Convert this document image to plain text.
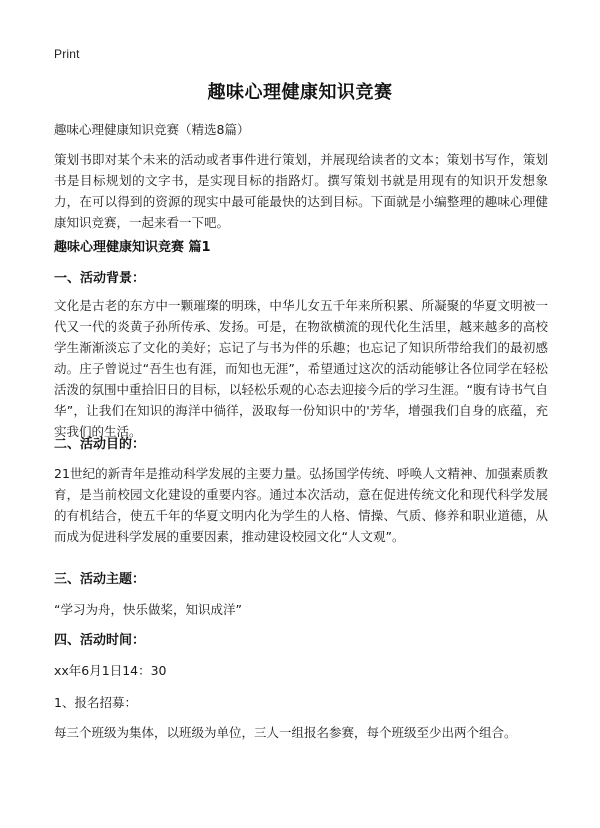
Print
趣味心理健康知识竞赛
趣味心理健康知识竞赛（精选8篇）

策划书即对某个未来的活动或者事件进行策划，并展现给读者的文本；策划书写作，策划书是目标规划的文字书，是实现目标的指路灯。撰写策划书就是用现有的知识开发想象力，在可以得到的资源的现实中最可能最快的达到目标。下面就是小编整理的趣味心理健康知识竞赛，一起来看一下吧。

趣味心理健康知识竞赛 篇1
一、活动背景：

文化是古老的东方中一颗璀璨的明珠，中华儿女五千年来所积累、所凝聚的华夏文明被一代又一代的炎黄子孙所传承、发扬。可是，在物欲横流的现代化生活里，越来越多的高校学生渐渐淡忘了文化的美好；忘记了与书为伴的乐趣；也忘记了知识所带给我们的最初感动。庄子曾说过“吾生也有涯，而知也无涯”，希望通过这次的活动能够让各位同学在轻松活泼的氛围中重拾旧日的目标，以轻松乐观的心态去迎接今后的学习生涯。“腹有诗书气自华”，让我们在知识的海洋中徜徉，汲取每一份知识中的'芳华，增强我们自身的底蕴，充实我们的生活。

二、活动目的：

21世纪的新青年是推动科学发展的主要力量。弘扬国学传统、呼唤人文精神、加强素质教育，是当前校园文化建设的重要内容。通过本次活动，意在促进传统文化和现代科学发展的有机结合，使五千年的华夏文明内化为学生的人格、情操、气质、修养和职业道德，从而成为促进科学发展的重要因素，推动建设校园文化“人文观”。

三、活动主题：
“学习为舟，快乐做桨，知识成洋”
四、活动时间：
xx年6月1日14：30
1、报名招募：

每三个班级为集体，以班级为单位，三人一组报名参赛，每个班级至少出两个组合。
